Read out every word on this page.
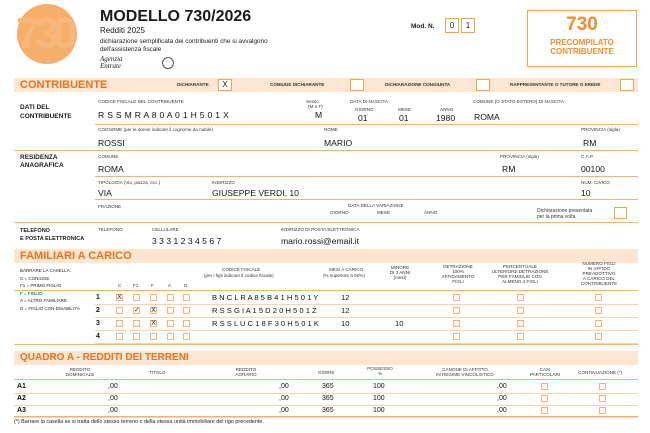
730 MODELLO 730/2026
Redditi 2025
dichiarazione semplificata dei contribuenti che si avvalgono
dell'assistenza fiscale
Agenzia
Entrate
Mod. N.	0	1	730
PRECOMPILATO
CONTRIBUENTE
CONTRIBUENTE	DICHIARANTE	X	CONIUGE DICHIARANTE	DICHIARAZIONE CONGIUNTA	RAPPRESENTANTE O TUTORE O EREDE
DATI DEL
CONTRIBUENTE
CODICE FISCALE DEL CONTRIBUENTE
R S S M R A 8 0 A 0 1 H 5 0 1 X
Sesso
(M o F)
M
DATA DI NASCITA
GIORNO	MESE	ANNO
01	01	1980
COMUNE (O STATO ESTERO) DI NASCITA
ROMA
COGNOME (per le donne indicare il cognome da nubile)
ROSSI
NOME
MARIO
PROVINCIA (sigla)
RM
RESIDENZA
ANAGRAFICA
COMUNE
ROMA
PROVINCIA (sigla)
RM
C.A.P.
00100
TIPOLOGIA (Via, piazza, ecc.)
VIA
INDIRIZZO
GIUSEPPE VERDI, 10
NUM. CIVICO
10
FRAZIONE	DATA DELLA VARIAZIONE
GIORNO	MESE	ANNO	Dichiarazione presentata
per la prima volta
TELEFONO
E POSTA ELETTRONICA
TELEFONO	CELLULARE
3 3 3 1 2 3 4 5 6 7
INDIRIZZO DI POSTA ELETTRONICA
mario.rossi@email.it
FAMILIARI A CARICO
BARRARE LA CASELLA:
C = CONIUGE
F1 = PRIMO FIGLIO
F = FIGLIO
A = ALTRO FAMILIARE
D = FIGLIO CON DISABILITÀ
C	F1	F	A	D
CODICE FISCALE
(per i figli indicare il codice fiscale)
MESI A CARICO
(% superiore a 50%)
MINORE
DI 3 ANNI
(mesi)
DETRAZIONE
100%
AFFIDAMENTO
FIGLI
PERCENTUALE
ULTERIORE DETRAZIONE
PER FAMIGLIE CON
ALMENO 4 FIGLI
NUMERO FIGLI
IN AFFIDO
PREADOTTIVO
A CARICO DEL
CONTRIBUENTE
1 X	B N C L R A 8 5 B 4 1 H 5 0 1 Y	12
2	✓ X	R S S G I A 1 5 D 2 0 H 5 0 1 Z	12
3	X	R S S L U C 1 8 F 3 0 H 5 0 1 K	10	10
4
QUADRO A - REDDITI DEI TERRENI
REDDITO
DOMINICALE	TITOLO
REDDITO
AGRARIO	GIORNI
POSSESSO
%
CANONE DI AFFITTO
IN REGIME VINCOLISTICO
CASI
PARTICOLARI	CONTINUAZIONE (*)
A1	,00	,00	365	100	,00
A2	,00	,00	365	100	,00
A3	,00	,00	365	100	,00
(*) Barrare la casella se si tratta dello stesso terreno o della stessa unità immobiliare del rigo precedente.
